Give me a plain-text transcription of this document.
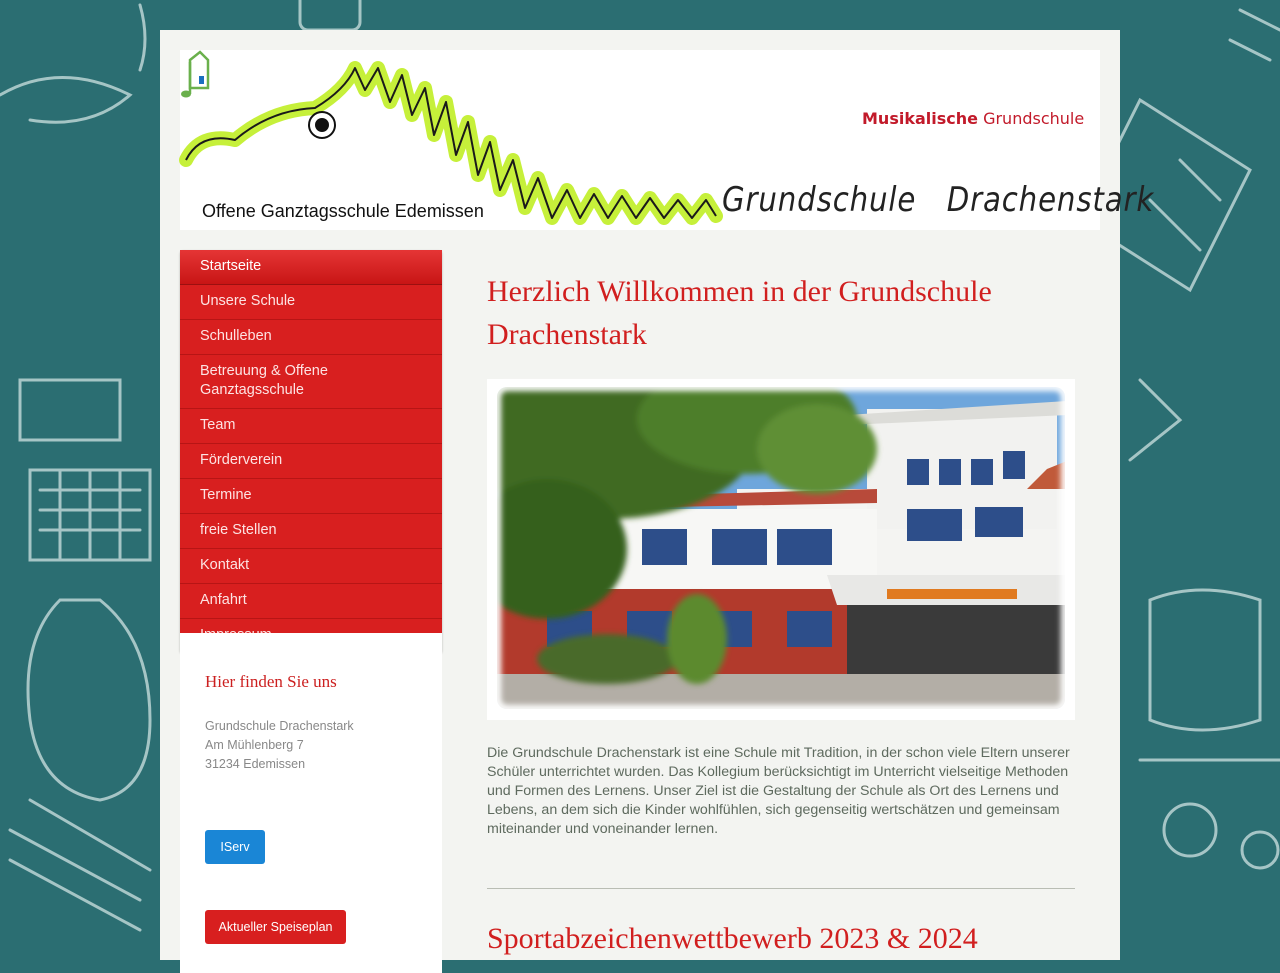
Offene Ganztagsschule Edemissen	Grundschule   Drachenstark
Musikalische Grundschule
Startseite
Unsere Schule
Schulleben
Betreuung & Offene Ganztagsschule
Team
Förderverein
Termine
freie Stellen
Kontakt
Anfahrt
Hier finden Sie uns
Grundschule Drachenstark
Am Mühlenberg 7
31234 Edemissen
IServ
Aktueller Speiseplan
Herzlich Willkommen in der Grundschule Drachenstark
Die Grundschule Drachenstark ist eine Schule mit Tradition, in der schon viele Eltern unserer Schüler unterrichtet wurden. Das Kollegium berücksichtigt im Unterricht vielseitige Methoden und Formen des Lernens. Unser Ziel ist die Gestaltung der Schule als Ort des Lernens und Lebens, an dem sich die Kinder wohlfühlen, sich gegenseitig wertschätzen und gemeinsam miteinander und voneinander lernen.
Sportabzeichenwettbewerb 2023 & 2024
